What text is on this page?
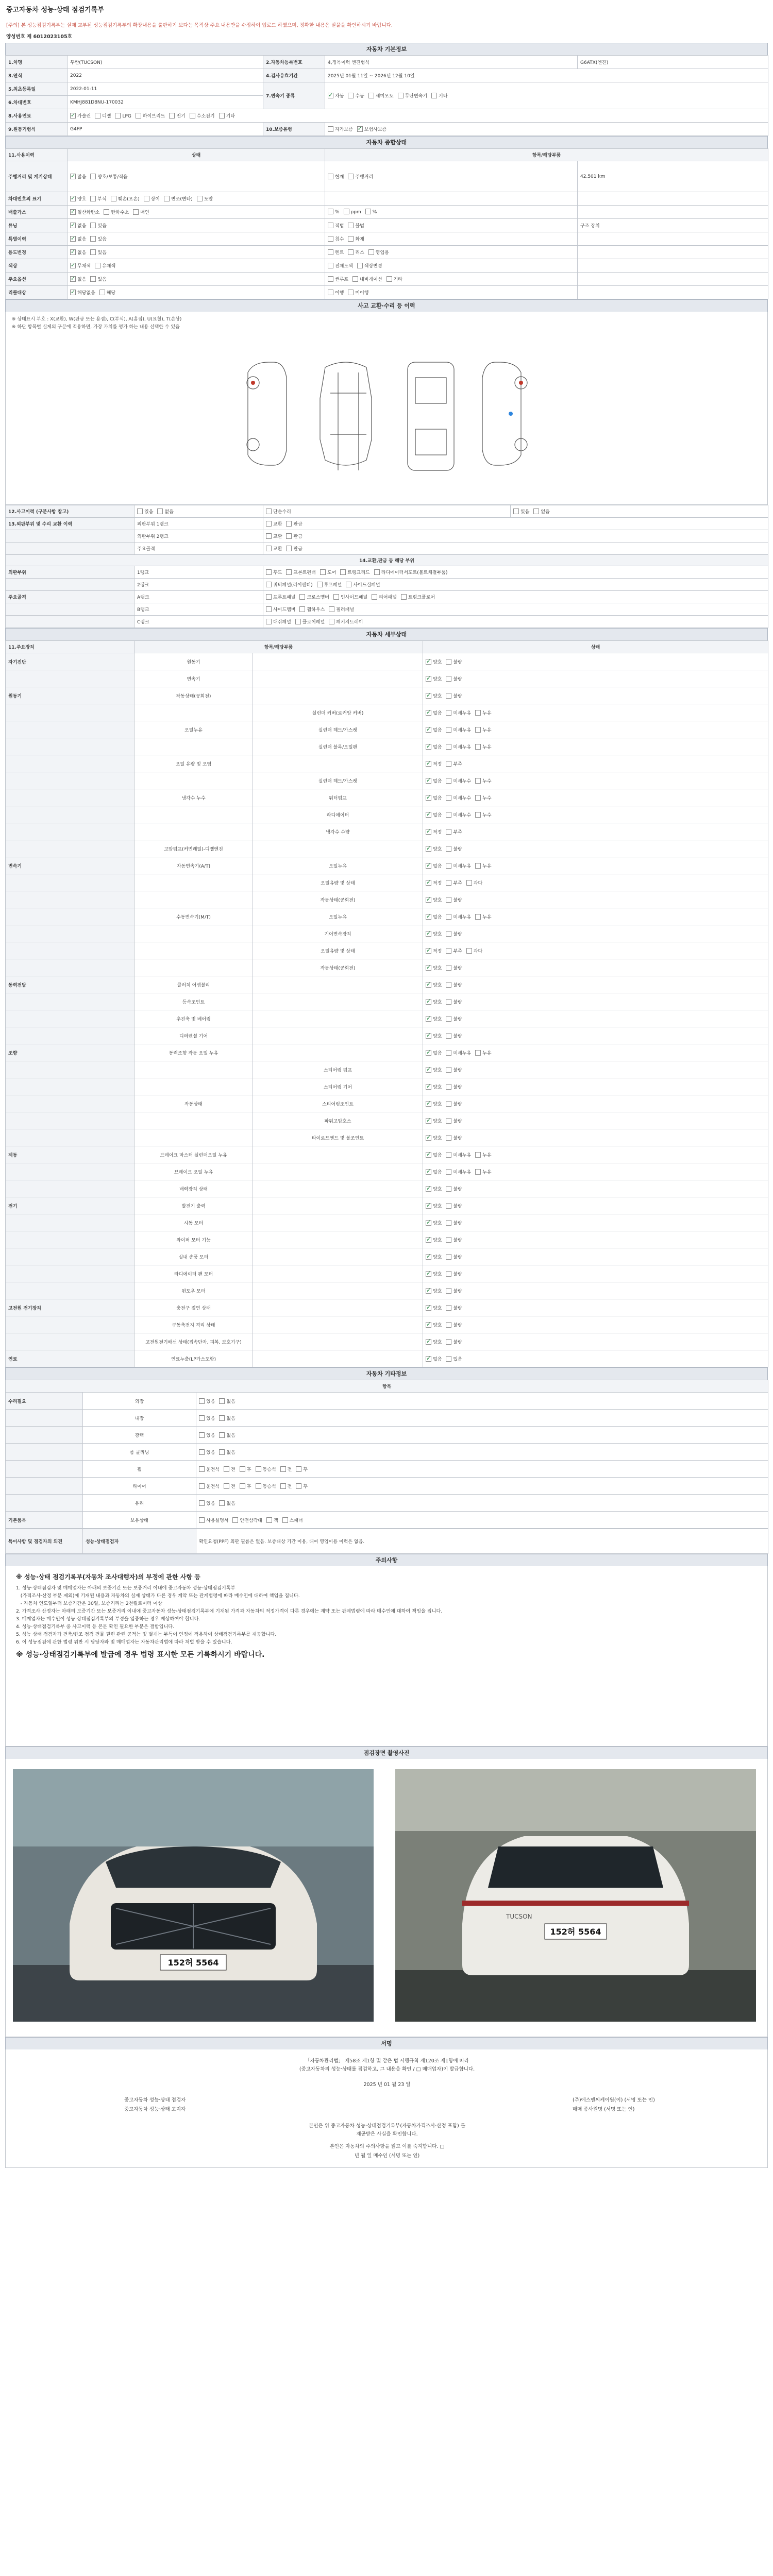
중고자동차 성능·상태 점검기록부
[주의] 본 성능점검기록부는 실제 교부된 성능점검기록부의 확장내용을 출판하기 보다는 목적상 주요 내용만을 수정하여 업로드 하였으며, 정확한 내용은 실물을 확인하시기 바랍니다.
양성번호 제 6012023105호
자동차 기본정보
1.차명	투싼(TUCSON)	2.자동차등록번호	4,정목이력 엔진형식	G6ATX(엔진)
3.연식	2022	4.검사유효기간	2025년 01월 11일 ~ 2026년 12월 10일	
5.최초등록일	2022-01-11	7.변속기 종류	✓자동 수동 세미오토 무단변속기 기타
6.차대번호	KMHJ881D8NU-170032			
8.사용연료	✓가솔린 디젤 LPG 하이브리드 전기 수소전기 기타
9.원동기형식	G4FP	10.보증유형	자가보증 ✓ 보험사보증
자동차 종합상태
11.사용이력	상태	항목/해당부품	
주행거리 및 계기상태	✓많음 양호/보통/적음	현재 주행거리	42,501 km
차대번호의 표기	✓양호 부식 훼손(오손) 상이 변조(변타) 도말		
배출가스	✓일산화탄소 탄화수소 매연	% ppm %	
튜닝	✓없음 있음	적법 불법	구조 장치
특별이력	✓없음 있음	침수 화재	
용도변경	✓없음 있음	렌트 리스 영업용	
색상	✓무채색 유채색	전체도색 색상변경	
주요옵션	✓없음 있음	썬루프 내비게이션 기타	
리콜대상	✓해당없음 해당	이행 미이행	
사고 교환·수리 등 이력
※ 상태표시 부호 : X(교환), W(판금 또는 용접), C(부식), A(흠집), U(요철), T(손상)
※ 하단 항목별 실제의 구분에 적용하면, 가장 가치를 평가 하는 내용 선택한 수 있음
12.사고이력 (구분사항 참고)	있음 없음	단순수리	있음 없음
13.외판부위 및 수리 교환 이력	외판부위 1랭크	교환 판금	
	외판부위 2랭크	교환 판금	
	주요골격	교환 판금	
14.교환,판금 등 해당 부위			
외판부위	1랭크	후드 프론트펜더 도어 트렁크리드 라디에이터서포트(볼트체결부품)	
	2랭크	쿼터패널(리어펜더) 루프패널 사이드실패널	
주요골격	A랭크	프론트패널 크로스멤버 인사이드패널 리어패널 트렁크플로어	
	B랭크	사이드멤버 휠하우스 필러패널	
	C랭크	대쉬패널 플로어패널 패키지트레이	
자동차 세부상태
11.주요장치	항목/해당부품		상태
자기진단	원동기		✓양호 불량
	변속기		✓양호 불량
원동기	작동상태(공회전)		✓양호 불량
		실린더 커버(로커암 커버)	✓없음 미세누유 누유
	오일누유	실린더 헤드/가스켓	✓없음 미세누유 누유
		실린더 블록/오일팬	✓없음 미세누유 누유
	오일 유량 및 오염		✓적정 부족
		실린더 헤드/가스켓	✓없음 미세누수 누수
	냉각수 누수	워터펌프	✓없음 미세누수 누수
		라디에이터	✓없음 미세누수 누수
		냉각수 수량	✓적정 부족
	고압펌프(커먼레일)-디젤엔진		✓양호 불량
변속기	자동변속기(A/T)	오일누유	✓없음 미세누유 누유
		오일유량 및 상태	✓적정 부족 과다
		작동상태(공회전)	✓양호 불량
	수동변속기(M/T)	오일누유	✓없음 미세누유 누유
		기어변속장치	✓양호 불량
		오일유량 및 상태	✓적정 부족 과다
		작동상태(공회전)	✓양호 불량
동력전달	클러치 어셈블리		✓양호 불량
	등속조인트		✓양호 불량
	추진축 및 베어링		✓양호 불량
	디퍼렌셜 기어		✓양호 불량
조향	동력조향 작동 오일 누유		✓없음 미세누유 누유
		스티어링 펌프	✓양호 불량
		스티어링 기어	✓양호 불량
	작동상태	스티어링조인트	✓양호 불량
		파워고압호스	✓양호 불량
		타이로드엔드 및 볼조인트	✓양호 불량
제동	브레이크 마스터 실린더오일 누유		✓없음 미세누유 누유
	브레이크 오일 누유		✓없음 미세누유 누유
	배력장치 상태		✓양호 불량
전기	발전기 출력		✓양호 불량
	시동 모터		✓양호 불량
	와이퍼 모터 기능		✓양호 불량
	실내 송풍 모터		✓양호 불량
	라디에이터 팬 모터		✓양호 불량
	윈도우 모터		✓양호 불량
고전원 전기장치	충전구 절연 상태		✓양호 불량
	구동축전지 격리 상태		✓양호 불량
	고전원전기배선 상태(접속단자, 피복, 보호기구)		✓양호 불량
연료	연료누출(LP가스포함)		✓없음 있음
자동차 기타정보
항목		
수리필요	외장	있음 없음
	내장	있음 없음
	광택	있음 없음
	룸 클리닝	있음 없음
	휠	운전석 전 후 동승석 전 후
	타이어	운전석 전 후 동승석 전 후
	유리	있음 없음
기본품목	보유상태	사용설명서 안전삼각대 잭 스패너
특이사항 및 점검자의 의견	성능·상태점검자	확인요청(PPF) 외판 필름은 없음. 보증대상 기간 이용, 대여 영업이용 이력은 없음.
주의사항
※ 성능·상태 점검기록부(자동차 조사대행자)의 부정에 관한 사항 등
1. 성능·상태점검자 및 매매업자는 아래의 보증기간 또는 보증거리 이내에 중고자동차 성능·상태점검기록부
(가격조사·산정 부분 제외)에 기재된 내용과 자동차의 실제 상태가 다른 경우 계약 또는 관계법령에 따라 매수인에 대하여 책임을 집니다.
- 자동차 인도일부터 보증기간은 30일, 보증거리는 2천킬로미터 이상
2. 가격조사·산정자는 아래의 보증기간 또는 보증거리 이내에 중고자동차 성능·상태점검기록부에 기재된 가격과 자동차의 적정가격이 다른 경우에는 계약 또는 관계법령에 따라 매수인에 대하여 책임을 집니다.
3. 매매업자는 매수인이 성능·상태점검기록부의 부정을 입증하는 경우 배상하여야 합니다.
4. 성능·상태점검기록부 중 사고이력 등 본문 확인 필요한 부분은 결함입니다.
5. 성능 상태 점검자가 건축/한조 점검 건물 권련 관련 공적는 및 별개는 부득이 인정에 적용하여 상태점검기록부를 제공합니다.
6. 이 성능점검에 관한 법령 위반 시 담당자와 및 매매업자는 자동차관리법에 따라 처벌 받을 수 있습니다.
※ 성능·상태점검기록부에 발급에 경우 법령 표시한 모든 기록하시기 바랍니다.
점검장면 촬영사진
152허 5564
TUCSON
152허 5564
서명
「자동차관리법」 제58조 제1항 및 같은 법 시행규칙 제120조 제1항에 따라
(중고자동차의 성능·상태를 점검하고, 그 내용을 확인 / □ 매매업자)이 발급합니다.
2025 년 01 월 23 일
중고자동차 성능·상태 점검자
중고자동차 성능·상태 고지자
(주)에스엔씨케이원(이) (서명 또는 인)
매매 종사원명 (서명 또는 인)
본인은 위 중고자동차 성능·상태점검기록부(자동차가격조사·산정 포함) 를
제공받은 사실을 확인합니다.
본인은 자동차의 주의사항을 읽고 이를 숙지합니다. □
년 월 일 매수인 (서명 또는 인)
